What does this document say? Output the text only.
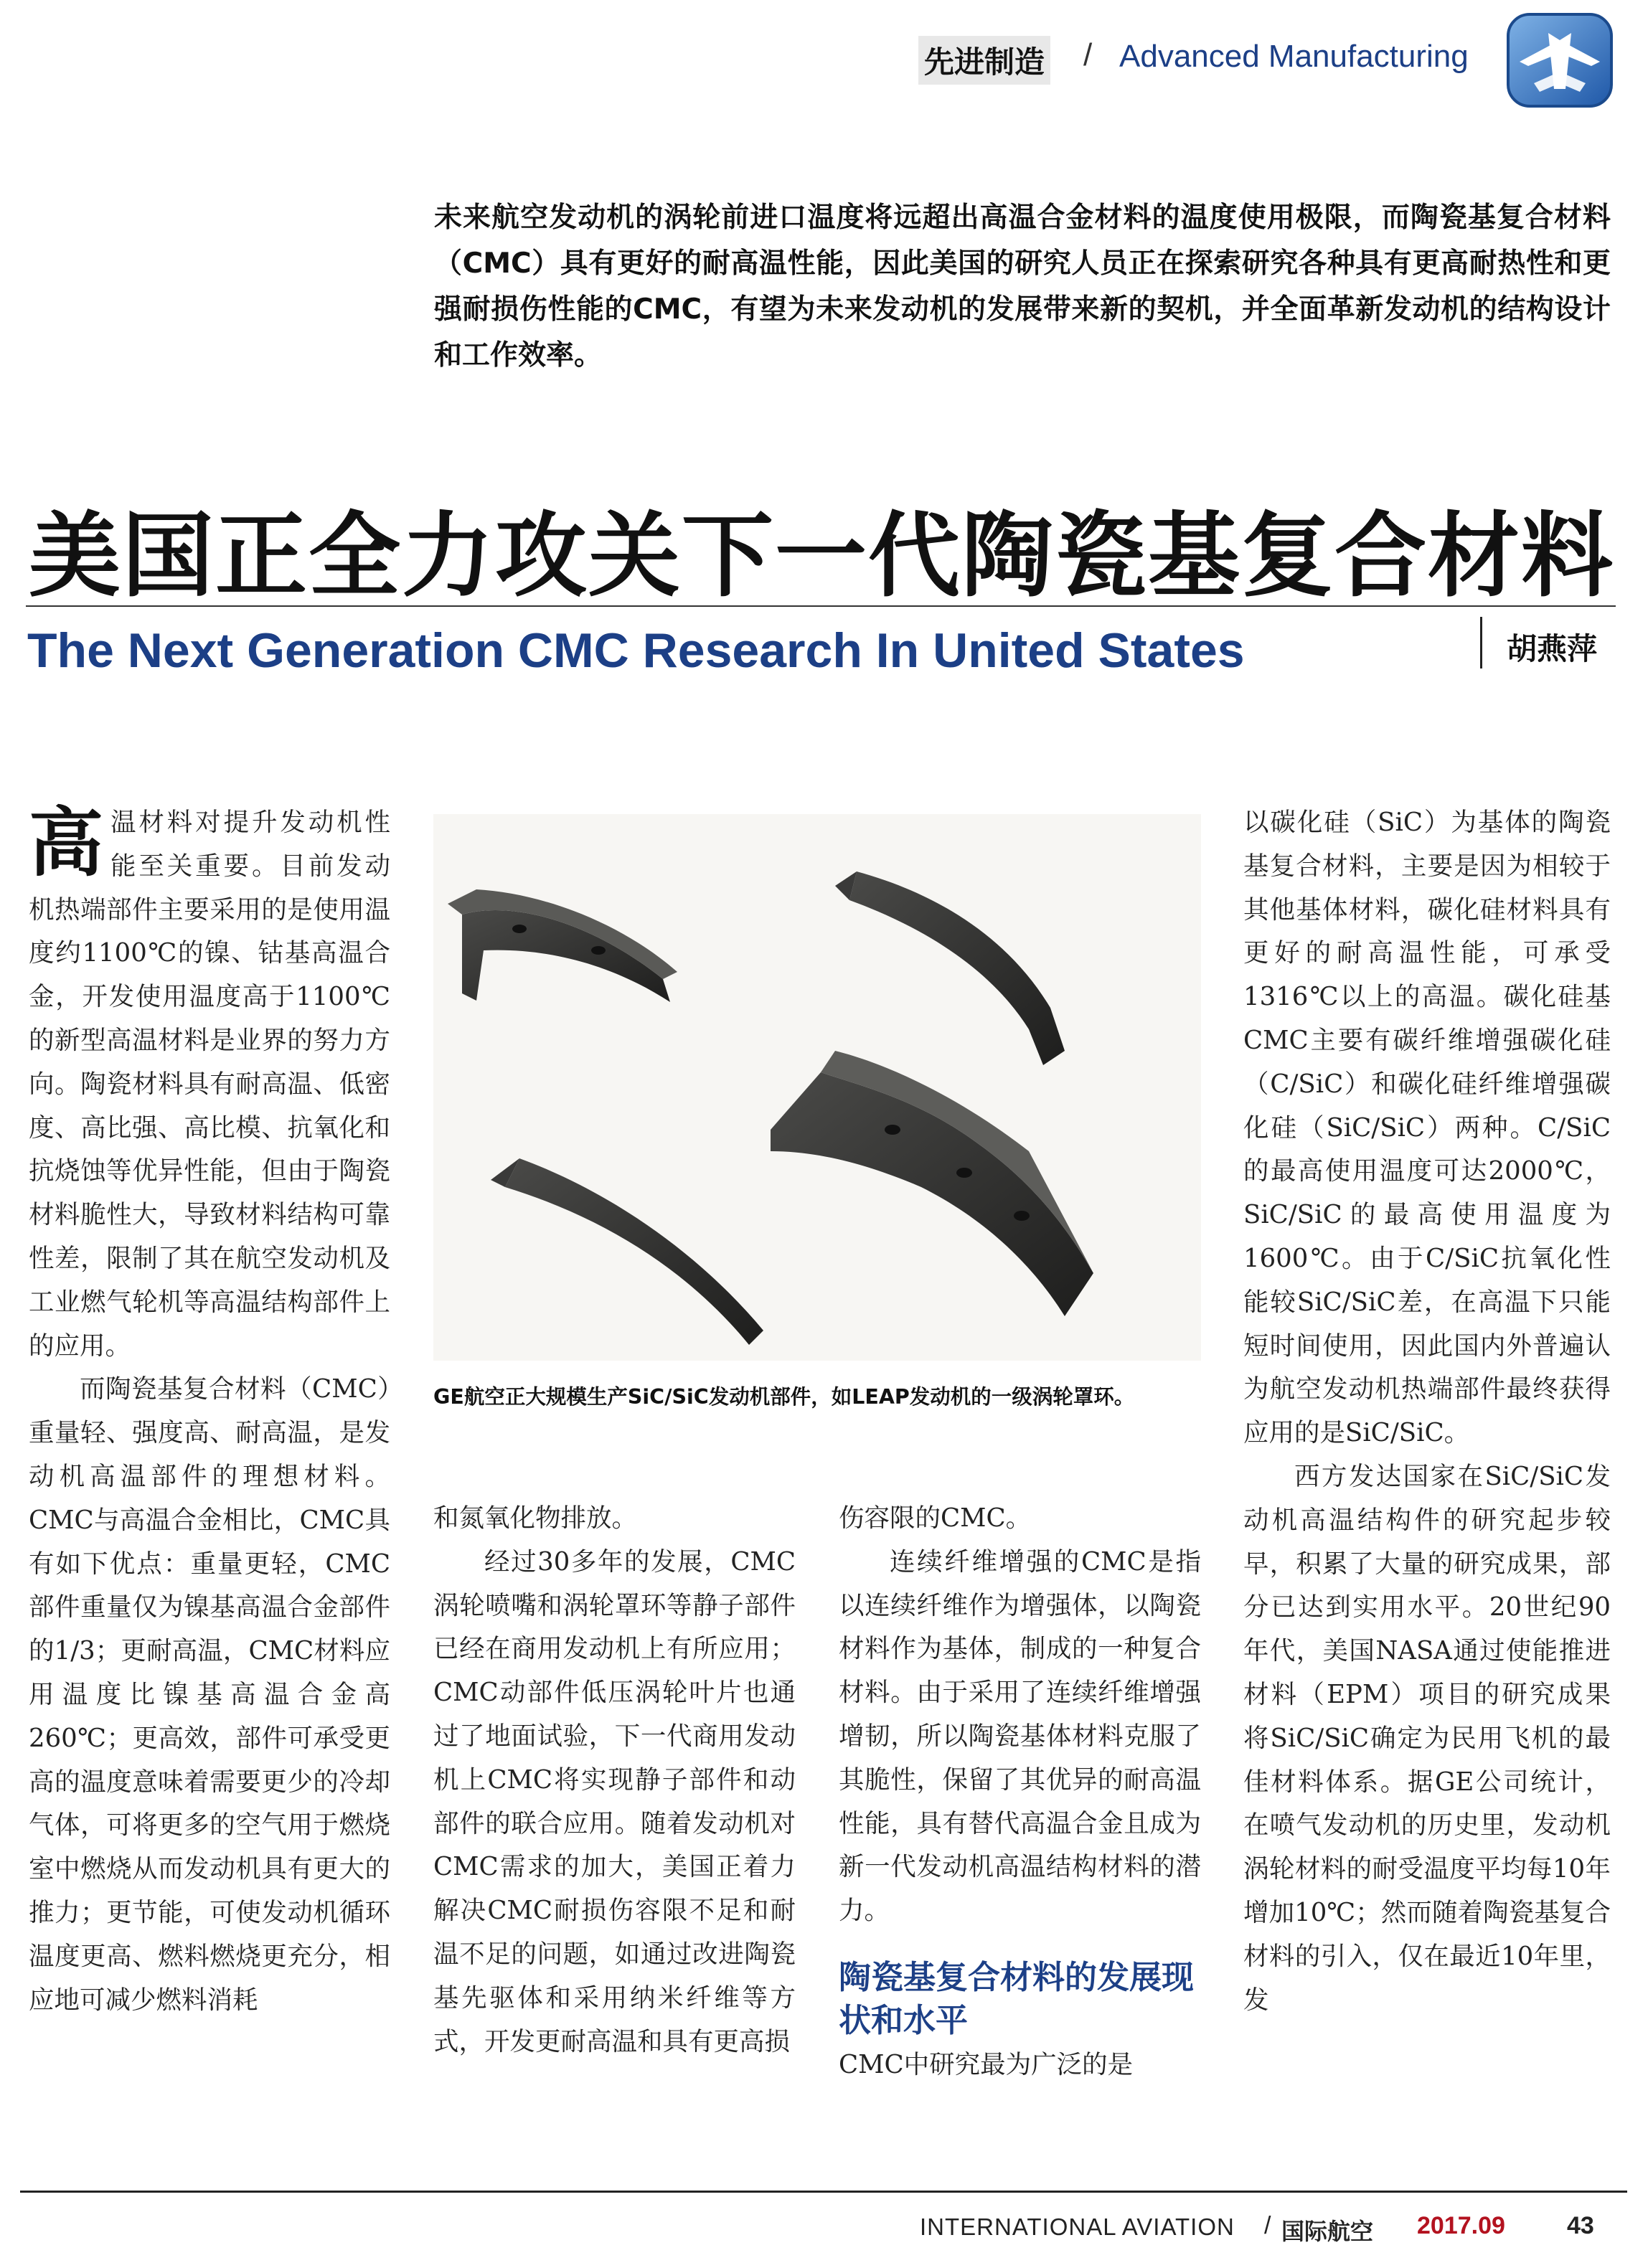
先进制造 / Advanced Manufacturing
未来航空发动机的涡轮前进口温度将远超出高温合金材料的温度使用极限，而陶瓷基复合材料（CMC）具有更好的耐高温性能，因此美国的研究人员正在探索研究各种具有更高耐热性和更强耐损伤性能的CMC，有望为未来发动机的发展带来新的契机，并全面革新发动机的结构设计和工作效率。
美国正全力攻关下一代陶瓷基复合材料
The Next Generation CMC Research In United States	胡燕萍

高温材料对提升发动机性能至关重要。目前发动机热端部件主要采用的是使用温度约1100℃的镍、钴基高温合金，开发使用温度高于1100℃的新型高温材料是业界的努力方向。陶瓷材料具有耐高温、低密度、高比强、高比模、抗氧化和抗烧蚀等优异性能，但由于陶瓷材料脆性大，导致材料结构可靠性差，限制了其在航空发动机及工业燃气轮机等高温结构部件上的应用。

而陶瓷基复合材料（CMC）重量轻、强度高、耐高温，是发动机高温部件的理想材料。CMC与高温合金相比，CMC具有如下优点：重量更轻，CMC部件重量仅为镍基高温合金部件的1/3；更耐高温，CMC材料应用温度比镍基高温合金高260℃；更高效，部件可承受更高的温度意味着需要更少的冷却气体，可将更多的空气用于燃烧室中燃烧从而发动机具有更大的推力；更节能，可使发动机循环温度更高、燃料燃烧更充分，相应地可减少燃料消耗

GE航空正大规模生产SiC/SiC发动机部件，如LEAP发动机的一级涡轮罩环。

和氮氧化物排放。

经过30多年的发展，CMC涡轮喷嘴和涡轮罩环等静子部件已经在商用发动机上有所应用；CMC动部件低压涡轮叶片也通过了地面试验，下一代商用发动机上CMC将实现静子部件和动部件的联合应用。随着发动机对CMC需求的加大，美国正着力解决CMC耐损伤容限不足和耐温不足的问题，如通过改进陶瓷基先驱体和采用纳米纤维等方式，开发更耐高温和具有更高损

伤容限的CMC。

连续纤维增强的CMC是指以连续纤维作为增强体，以陶瓷材料作为基体，制成的一种复合材料。由于采用了连续纤维增强增韧，所以陶瓷基体材料克服了其脆性，保留了其优异的耐高温性能，具有替代高温合金且成为新一代发动机高温结构材料的潜力。

陶瓷基复合材料的发展现状和水平

CMC中研究最为广泛的是

以碳化硅（SiC）为基体的陶瓷基复合材料，主要是因为相较于其他基体材料，碳化硅材料具有更好的耐高温性能，可承受1316℃以上的高温。碳化硅基CMC主要有碳纤维增强碳化硅（C/SiC）和碳化硅纤维增强碳化硅（SiC/SiC）两种。C/SiC的最高使用温度可达2000℃，SiC/SiC的最高使用温度为1600℃。由于C/SiC抗氧化性能较SiC/SiC差，在高温下只能短时间使用，因此国内外普遍认为航空发动机热端部件最终获得应用的是SiC/SiC。

西方发达国家在SiC/SiC发动机高温结构件的研究起步较早，积累了大量的研究成果，部分已达到实用水平。20世纪90年代，美国NASA通过使能推进材料（EPM）项目的研究成果将SiC/SiC确定为民用飞机的最佳材料体系。据GE公司统计，在喷气发动机的历史里，发动机涡轮材料的耐受温度平均每10年增加10℃；然而随着陶瓷基复合材料的引入，仅在最近10年里，发

INTERNATIONAL AVIATION / 国际航空 2017.09	43
